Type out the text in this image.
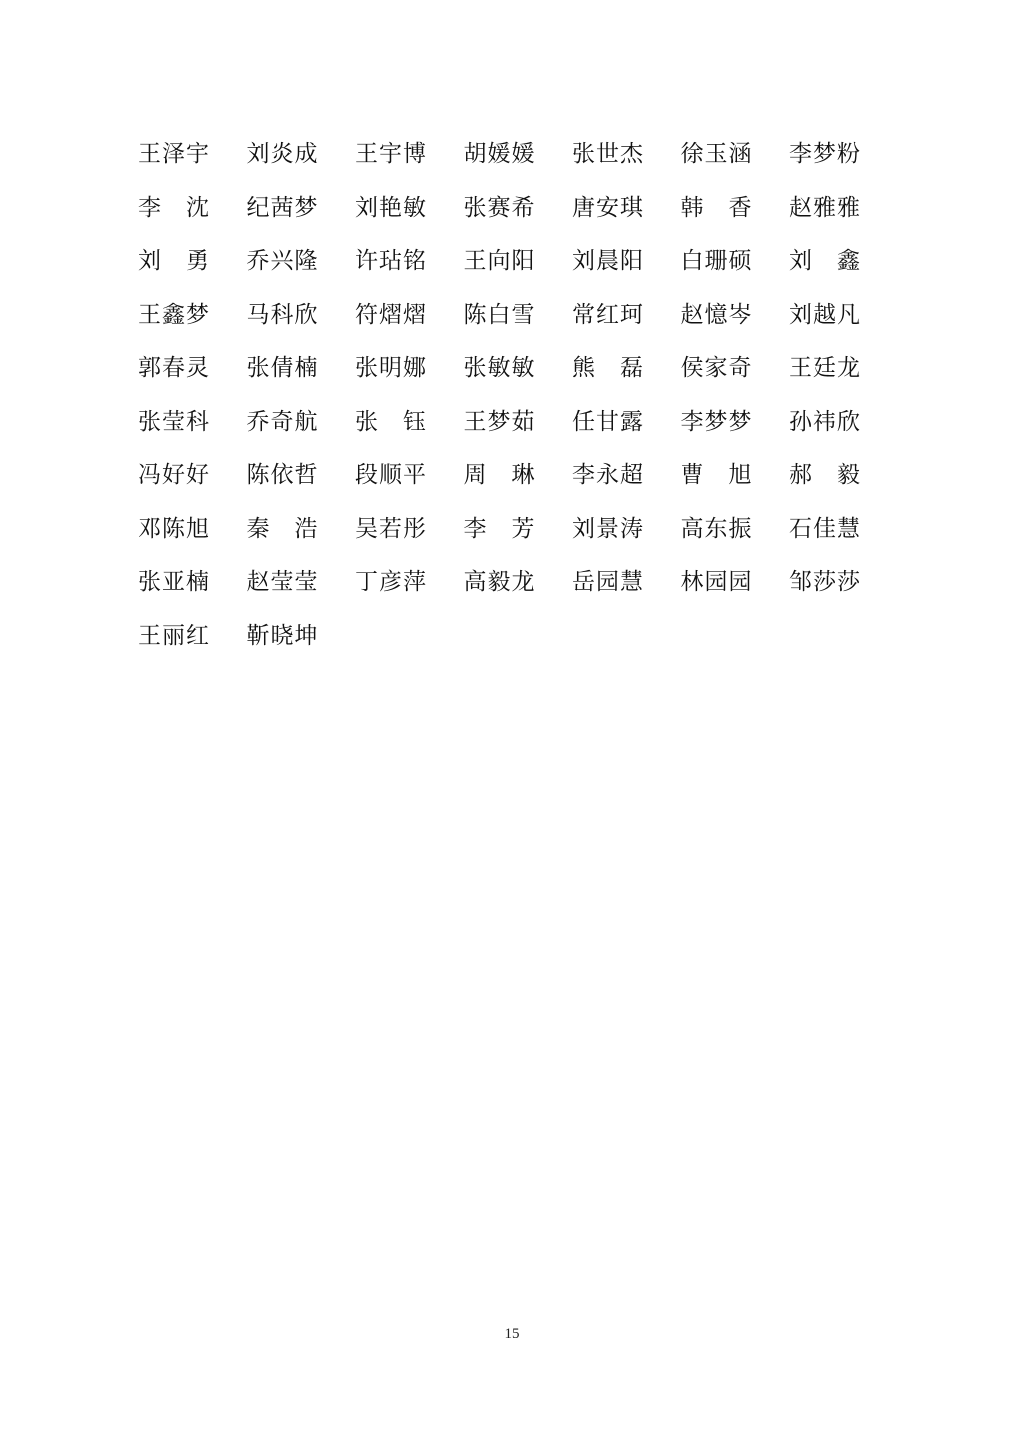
王泽宇	刘炎成	王宇博	胡媛媛	张世杰	徐玉涵	李梦粉
李　沈	纪茜梦	刘艳敏	张赛希	唐安琪	韩　香	赵雅雅
刘　勇	乔兴隆	许玷铭	王向阳	刘晨阳	白珊硕	刘　鑫
王鑫梦	马科欣	符熠熠	陈白雪	常红珂	赵憶岑	刘越凡
郭春灵	张倩楠	张明娜	张敏敏	熊　磊	侯家奇	王廷龙
张莹科	乔奇航	张　钰	王梦茹	任甘露	李梦梦	孙祎欣
冯好好	陈依哲	段顺平	周　琳	李永超	曹　旭	郝　毅
邓陈旭	秦　浩	吴若彤	李　芳	刘景涛	高东振	石佳慧
张亚楠	赵莹莹	丁彦萍	高毅龙	岳园慧	林园园	邹莎莎
王丽红	靳晓坤
15
